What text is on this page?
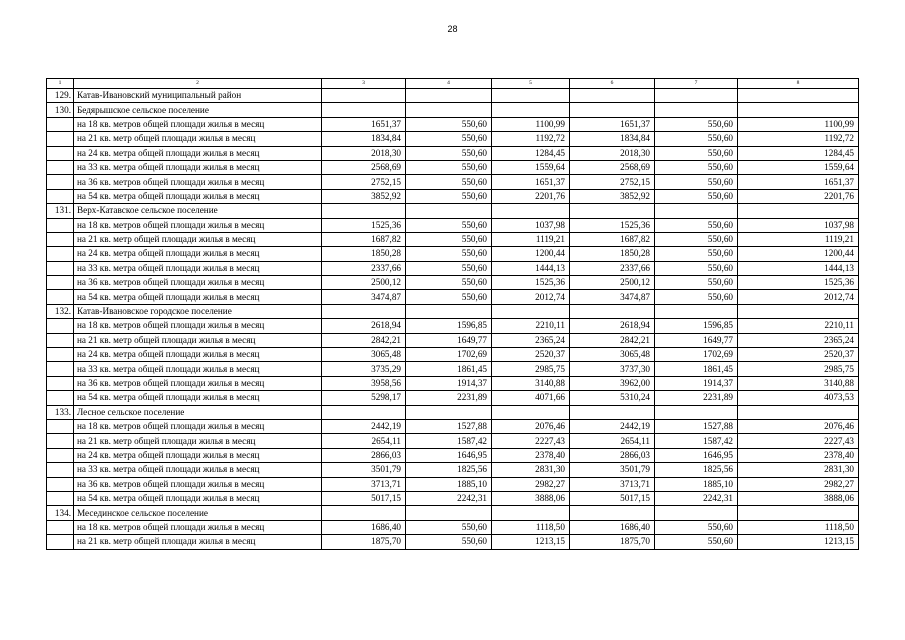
28
1	2	3	4	5	6	7	8
129.	Катав-Ивановский муниципальный район						
130.	Бедярышское сельское поселение						
	на 18 кв. метров общей площади жилья в месяц	1651,37	550,60	1100,99	1651,37	550,60	1100,99
	на 21 кв. метр общей площади жилья в месяц	1834,84	550,60	1192,72	1834,84	550,60	1192,72
	на 24 кв. метра общей площади жилья в месяц	2018,30	550,60	1284,45	2018,30	550,60	1284,45
	на 33 кв. метра общей площади жилья в месяц	2568,69	550,60	1559,64	2568,69	550,60	1559,64
	на 36 кв. метров общей площади жилья в месяц	2752,15	550,60	1651,37	2752,15	550,60	1651,37
	на 54 кв. метра общей площади жилья в месяц	3852,92	550,60	2201,76	3852,92	550,60	2201,76
131.	Верх-Катавское сельское поселение						
	на 18 кв. метров общей площади жилья в месяц	1525,36	550,60	1037,98	1525,36	550,60	1037,98
	на 21 кв. метр общей площади жилья в месяц	1687,82	550,60	1119,21	1687,82	550,60	1119,21
	на 24 кв. метра общей площади жилья в месяц	1850,28	550,60	1200,44	1850,28	550,60	1200,44
	на 33 кв. метра общей площади жилья в месяц	2337,66	550,60	1444,13	2337,66	550,60	1444,13
	на 36 кв. метров общей площади жилья в месяц	2500,12	550,60	1525,36	2500,12	550,60	1525,36
	на 54 кв. метра общей площади жилья в месяц	3474,87	550,60	2012,74	3474,87	550,60	2012,74
132.	Катав-Ивановское городское поселение						
	на 18 кв. метров общей площади жилья в месяц	2618,94	1596,85	2210,11	2618,94	1596,85	2210,11
	на 21 кв. метр общей площади жилья в месяц	2842,21	1649,77	2365,24	2842,21	1649,77	2365,24
	на 24 кв. метра общей площади жилья в месяц	3065,48	1702,69	2520,37	3065,48	1702,69	2520,37
	на 33 кв. метра общей площади жилья в месяц	3735,29	1861,45	2985,75	3737,30	1861,45	2985,75
	на 36 кв. метров общей площади жилья в месяц	3958,56	1914,37	3140,88	3962,00	1914,37	3140,88
	на 54 кв. метра общей площади жилья в месяц	5298,17	2231,89	4071,66	5310,24	2231,89	4073,53
133.	Лесное сельское поселение						
	на 18 кв. метров общей площади жилья в месяц	2442,19	1527,88	2076,46	2442,19	1527,88	2076,46
	на 21 кв. метр общей площади жилья в месяц	2654,11	1587,42	2227,43	2654,11	1587,42	2227,43
	на 24 кв. метра общей площади жилья в месяц	2866,03	1646,95	2378,40	2866,03	1646,95	2378,40
	на 33 кв. метра общей площади жилья в месяц	3501,79	1825,56	2831,30	3501,79	1825,56	2831,30
	на 36 кв. метров общей площади жилья в месяц	3713,71	1885,10	2982,27	3713,71	1885,10	2982,27
	на 54 кв. метра общей площади жилья в месяц	5017,15	2242,31	3888,06	5017,15	2242,31	3888,06
134.	Месединское сельское поселение						
	на 18 кв. метров общей площади жилья в месяц	1686,40	550,60	1118,50	1686,40	550,60	1118,50
	на 21 кв. метр общей площади жилья в месяц	1875,70	550,60	1213,15	1875,70	550,60	1213,15
